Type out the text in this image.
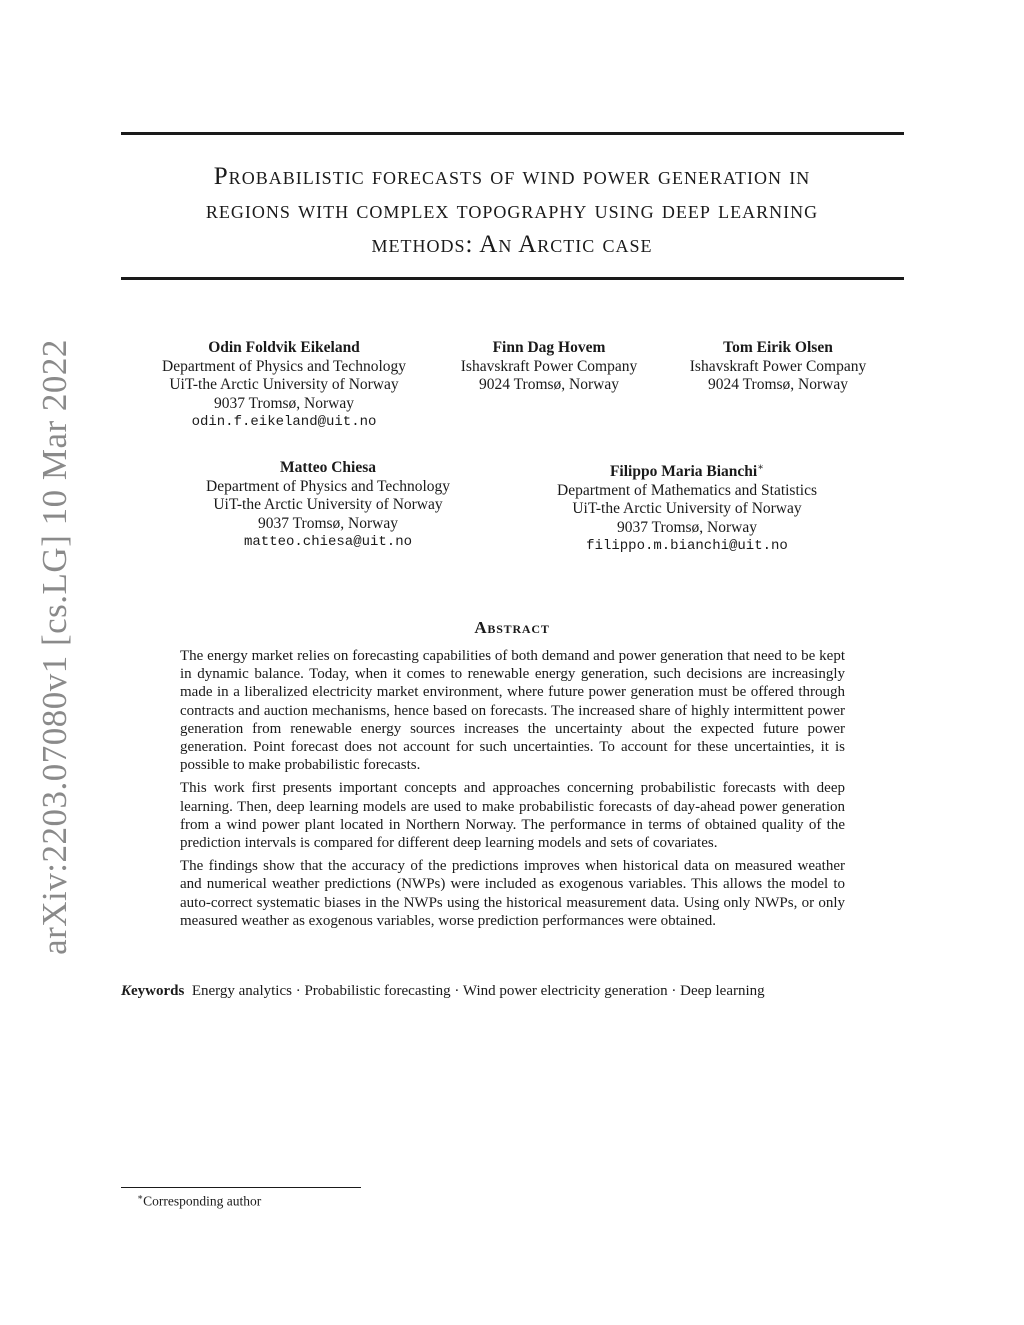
arXiv:2203.07080v1 [cs.LG] 10 Mar 2022
Probabilistic forecasts of wind power generation in
regions with complex topography using deep learning
methods: An Arctic case
Odin Foldvik Eikeland
Department of Physics and Technology
UiT-the Arctic University of Norway
9037 Tromsø, Norway
odin.f.eikeland@uit.no
Finn Dag Hovem
Ishavskraft Power Company
9024 Tromsø, Norway
Tom Eirik Olsen
Ishavskraft Power Company
9024 Tromsø, Norway
Matteo Chiesa
Department of Physics and Technology
UiT-the Arctic University of Norway
9037 Tromsø, Norway
matteo.chiesa@uit.no
Filippo Maria Bianchi∗
Department of Mathematics and Statistics
UiT-the Arctic University of Norway
9037 Tromsø, Norway
filippo.m.bianchi@uit.no
Abstract

The energy market relies on forecasting capabilities of both demand and power generation that need to be kept in dynamic balance. Today, when it comes to renewable energy generation, such decisions are increasingly made in a liberalized electricity market environment, where future power generation must be offered through contracts and auction mechanisms, hence based on forecasts. The increased share of highly intermittent power generation from renewable energy sources increases the uncertainty about the expected future power generation. Point forecast does not account for such uncertainties. To account for these uncertainties, it is possible to make probabilistic forecasts.

This work first presents important concepts and approaches concerning probabilistic forecasts with deep learning. Then, deep learning models are used to make probabilistic forecasts of day-ahead power generation from a wind power plant located in Northern Norway. The performance in terms of obtained quality of the prediction intervals is compared for different deep learning models and sets of covariates.

The findings show that the accuracy of the predictions improves when historical data on measured weather and numerical weather predictions (NWPs) were included as exogenous variables. This allows the model to auto-correct systematic biases in the NWPs using the historical measurement data. Using only NWPs, or only measured weather as exogenous variables, worse prediction performances were obtained.

Keywords Energy analytics · Probabilistic forecasting · Wind power electricity generation · Deep learning
∗Corresponding author
